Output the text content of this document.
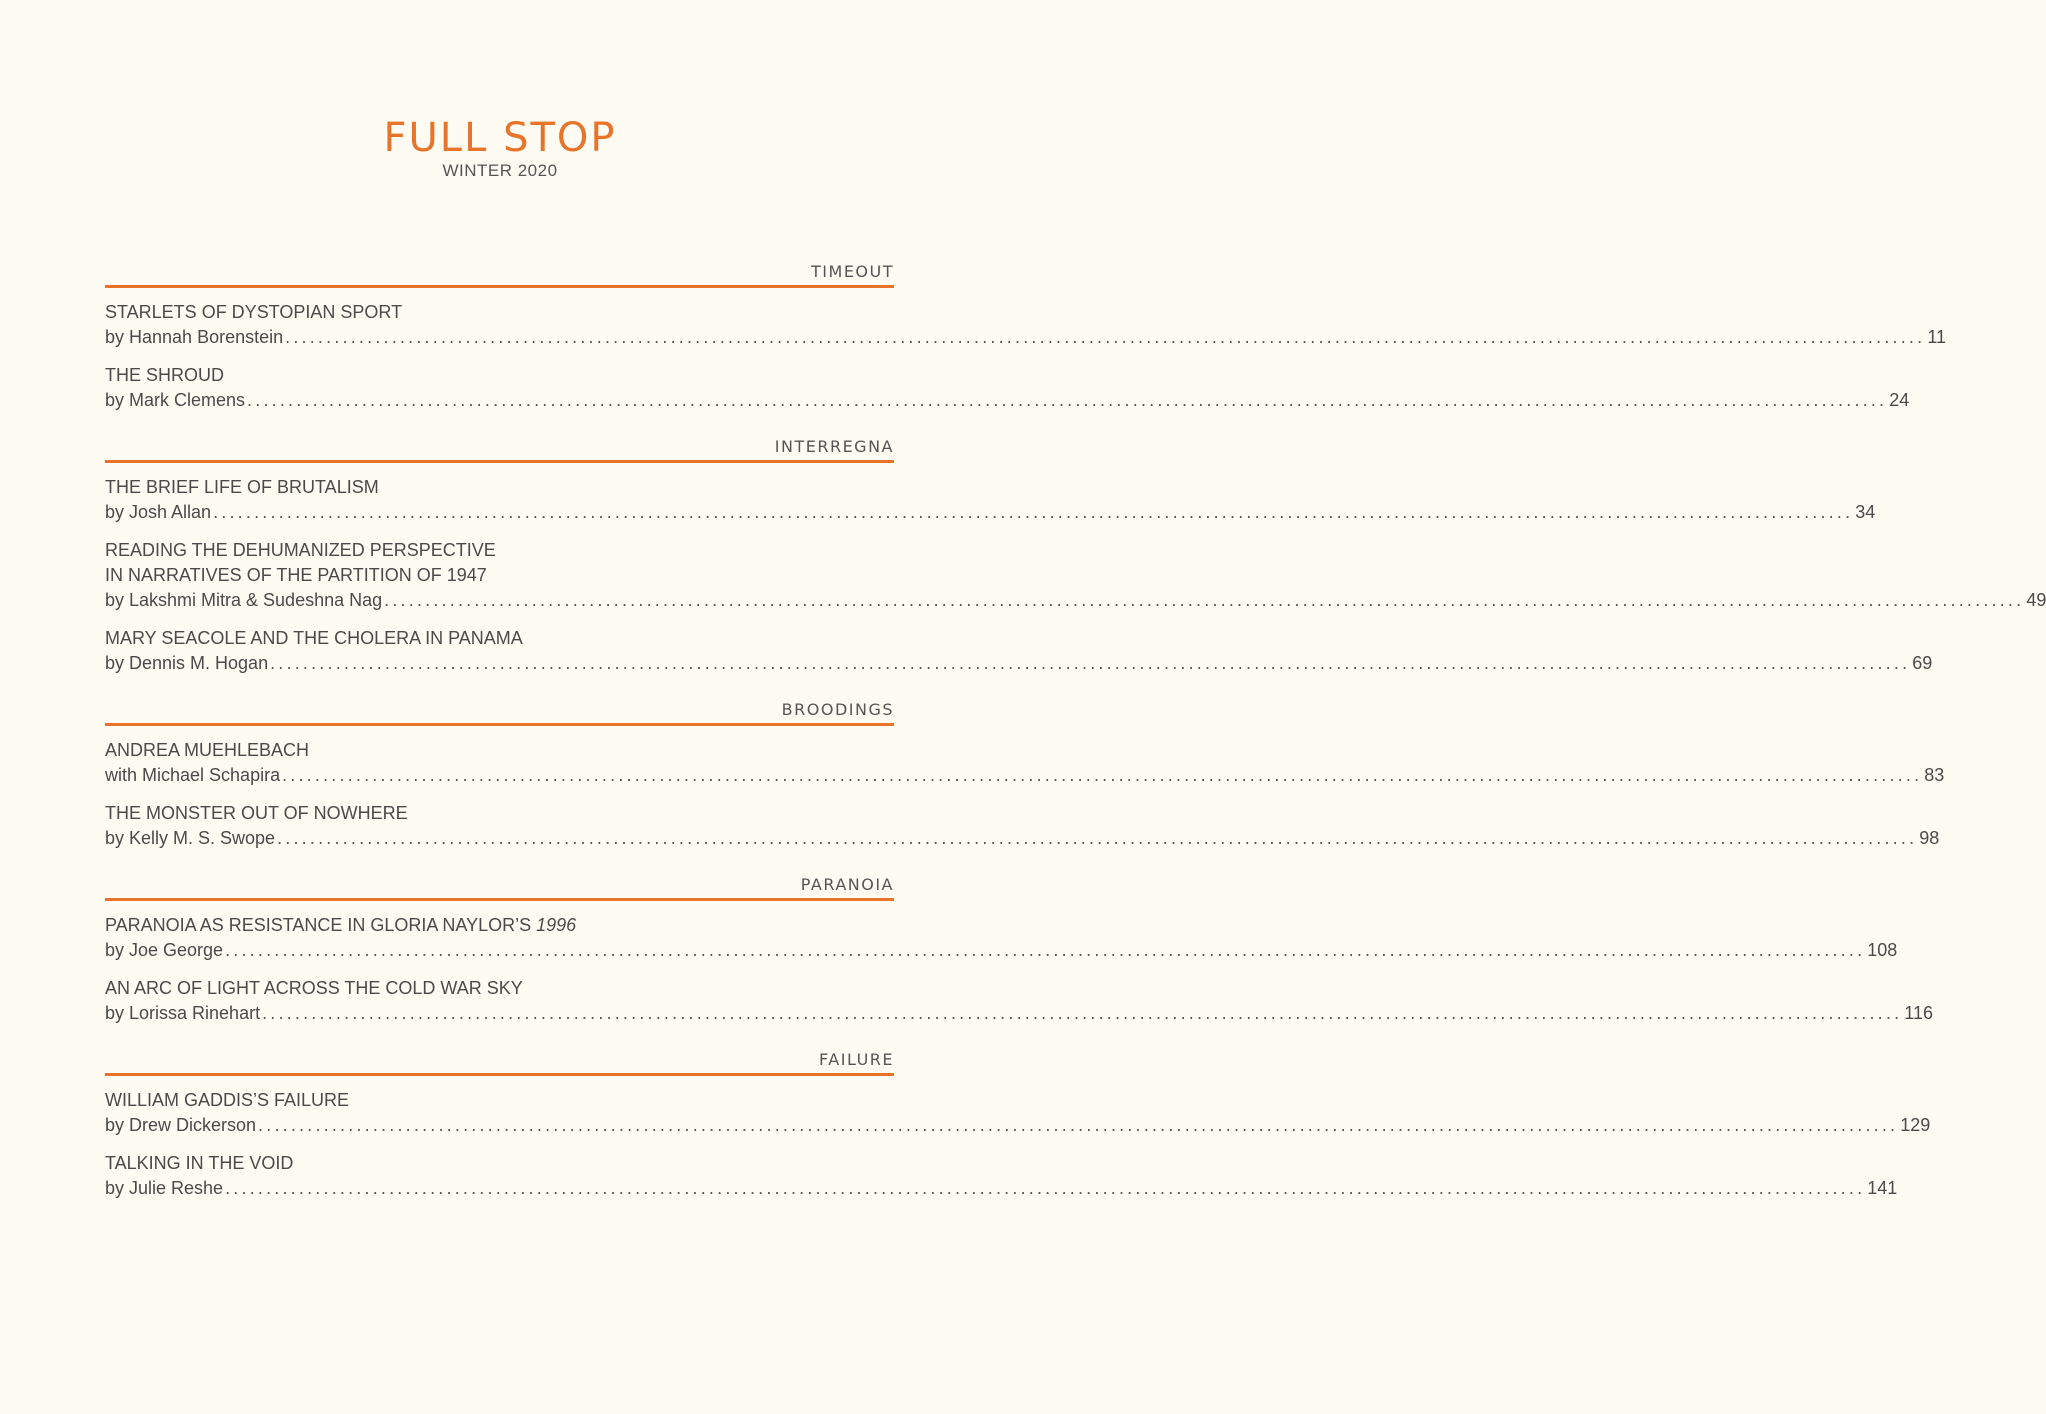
FULL STOP
WINTER 2020
TIMEOUT
STARLETS OF DYSTOPIAN SPORT
by Hannah Borenstein ........................................................................................................................................................................................................ 11
THE SHROUD
by Mark Clemens ........................................................................................................................................................................................................ 24
INTERREGNA
THE BRIEF LIFE OF BRUTALISM
by Josh Allan ........................................................................................................................................................................................................ 34
READING THE DEHUMANIZED PERSPECTIVE
IN NARRATIVES OF THE PARTITION OF 1947
by Lakshmi Mitra & Sudeshna Nag ........................................................................................................................................................................................................ 49
MARY SEACOLE AND THE CHOLERA IN PANAMA
by Dennis M. Hogan ........................................................................................................................................................................................................ 69
BROODINGS
ANDREA MUEHLEBACH
with Michael Schapira ........................................................................................................................................................................................................ 83
THE MONSTER OUT OF NOWHERE
by Kelly M. S. Swope ........................................................................................................................................................................................................ 98
PARANOIA
PARANOIA AS RESISTANCE IN GLORIA NAYLOR’S 1996
by Joe George ........................................................................................................................................................................................................ 108
AN ARC OF LIGHT ACROSS THE COLD WAR SKY
by Lorissa Rinehart ........................................................................................................................................................................................................ 116
FAILURE
WILLIAM GADDIS’S FAILURE
by Drew Dickerson ........................................................................................................................................................................................................ 129
TALKING IN THE VOID
by Julie Reshe ........................................................................................................................................................................................................ 141
